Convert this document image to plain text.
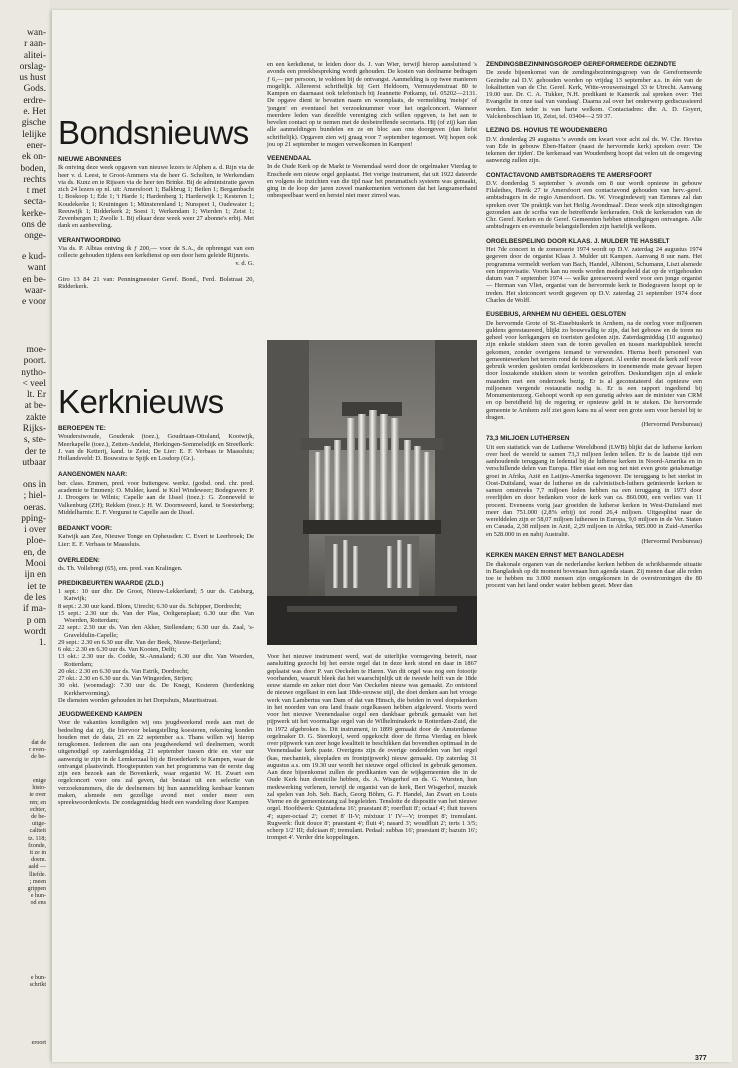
wan-
r aan-
alitei-
orslag-
us hust
Gods.
erdre-
e. Het
gische
lelijke
ener-
ek on-
boden,
rechts
t met
secta-
kerke-
ons de
onge-
e kud-
want
en be-
waar-
e voor
moe-
poort.
nytho-
< veel
lt. Er
at be-
zakte
Rijks-
s, ste-
der te
utbaar
ons in
; hiel-
oeras.
pping-
i over
ploe-
en, de
Mooi
ijn en
iet te
de les
if ma-
p om
wordt
1.
dat de
r even-
de be-
enige
histo-
te over
ren; en
echter,
de be-
uitge-
caliteit
tz. 118;
fzonde,
it ze in
doem.
aald —
lliefde.
; meen
grippen
e hun-
od ens
e bun-
schrikt
eroort
Bondsnieuws
NIEUWE ABONNEES

Ik ontving deze week opgaven van nieuwe lezers te Alphen a. d. Rijn via de heer v. d. Leest, te Groot-Ammers via de heer G. Scholten, te Werkendam via ds. Kunz en te Rijssen via de heer ten Brinke. Bij de administratie gaven zich 24 lezers op nl. uit: Amersfoort 1; Balkbrug 1; Beilen 1; Bergambacht 1; Boskoop 1; Ede 1; 't Harde 1; Hardenberg 1; Harderwijk 1; Kesteren 1; Koudekerke 1; Kruiningen 1; Münsterenland 1; Nunspeet 1, Oudewater 1; Reeuwijk 1; Ridderkerk 2; Soest 1; Werkendam 1; Wierden 1; Zeist 1; Zevenbergen 1; Zwolle 1. Bij elkaar deze week weer 27 abonne's erbij. Met dank en aanbeveling.

VERANTWOORDING

Via ds. P. Albias ontving ik ƒ 200,— voor de S.A., de opbrengst van een collecte gehouden tijdens een kerkdienst op een door hem geleide Rijnreis.

v. d. G.

Giro 13 84 21 van: Penningmeester Geref. Bond., Ferd. Bolstraat 20, Ridderkerk.

Kerknieuws
BEROEPEN TE:

Woudersiwoude, Gouderak (toez.), Goudriaan-Ottoland, Kootwijk, Meerkapelle (toez.), Zetten-Andelst, Herkingen-Sommelsdijk en Streefkerk: J. van de Ketterij, kand. te Zeist; De Lier: E. F. Verbaas te Maassluis; Hollandsveld: D. Bouwstra te Spijk en Losdorp (Gr.).

AANGENOMEN NAAR:

ber. class. Emmen, pred. voor buitengew. werkz. (godsd. ond. chr. pred. academie te Emmen): O. Mulder, kand. te Kiel Windeweer; Bodegraven: P. J. Droogers te Wilnis; Capelle aan de IJssel (toez.): G. Zonneveld te Valkenburg (ZH); Rekken (toez.): H. W. Doornweerd, kand. te Soesterberg; Middelharnis: E. F. Vergunst te Capelle aan de IJssel.

BEDANKT VOOR:

Katwijk aan Zee, Nieuwe Tonge en Opheusden: C. Evert te Leerbroek; De Lier: E. F. Verbaas te Maassluis.

OVERLEDEN:

ds. Th. Vollebregt (65), em. pred. van Kralingen.

PREDIKBEURTEN WAARDE (ZLD.)

1 sept.: 10 uur dhr. De Groot, Nieuw-Lekkerland; 5 uur ds. Catsburg, Katwijk;

8 sept.: 2.30 uur kand. Blom, Utrecht; 6.30 uur ds. Schipper, Dordrecht;

15 sept.: 2.30 uur ds. Van der Plas, Ooltgensplaat; 6.30 uur dhr. Van Woerden, Rotterdam;

22 sept.: 2.30 uur ds. Van den Akker, Stellendam; 6.30 uur ds. Zaal, 's-Graveldulin-Capelle;

29 sept.: 2.30 en 6.30 uur dhr. Van der Beek, Nieuw-Beijerland;

6 okt.: 2.30 en 6.30 uur ds. Van Kooten, Delft;

13 okt.: 2.30 uur ds. Codde, St.-Annaland; 6.30 uur dhr. Van Woerden, Rotterdam;

20 okt.: 2.30 en 6.30 uur ds. Van Estrik, Dordrecht;

27 okt.: 2.30 en 6.30 uur ds. Van Wingerden, Strijen;

30 okt. (woensdag): 7.30 uur ds. De Knegt, Kesteren (herdenking Kerkhervorming).

De diensten worden gehouden in het Dorpshuis, Mauritsstraat.

JEUGDWEEKEND KAMPEN

Voor de vakanties kondigden wij ons jeugdweekend reeds aan met de bedoeling dat zij, die hiervoor belangstelling koesteren, rekening konden houden met de data, 21 en 22 september a.s. Thans willen wij hierop terugkomen. Iedereen die aan ons jeugdweekend wil deelnemen, wordt uitgenodigd op zaterdagmiddag 21 september tussen drie en vier uur aanwezig te zijn in de Lemkerzaal bij de Broederkerk te Kampen, waar de ontvangst plaatsvindt. Hoogtepunten van het programma van de eerste dag zijn een bezoek aan de Bovenkerk, waar organist W. H. Zwart een orgelconcert voor ons zal geven, dat bestaat uit een selectie van verzoeknummers, die de deelnemers bij hun aanmelding kenbaar kunnen maken, alsmede een gezellige avond met onder meer een spreekwoordenkwis. De zondagmiddag biedt een wandeling door Kampen

en een kerkdienst, te leiden door ds. J. van Wier, terwijl hierop aansluitend 's avonds een preekbespreking wordt gehouden. De kosten van deelname bedragen ƒ 6,— per persoon, te voldoen bij de ontvangst. Aanmelding is op twee manieren mogelijk. Allereerst schriftelijk bij Gert Heldoorn, Vermuydenstraat 80 te Kampen en daarnaast ook telefonisch bij Jeannette Potkamp, tel. 05202—2131. De opgave dient te bevatten naam en woonplaats, de vermelding 'meisje' of 'jongen' en eventueel het verzoeknummer voor het orgelconcert. Wanneer meerdere leden van dezelfde vereniging zich willen opgeven, is het aan te bevelen contact op te nemen met de desbetreffende secretaris. Hij (of zij) kan dan alle aanmeldingen bundelen en ze en bloc aan ons doorgeven (dan liefst schriftelijk). Opgaven zien wij graag voor 7 september tegemoet. Wij hopen ook jou op 21 september te mogen verwelkomen in Kampen!

VEENENDAAL

In de Oude Kerk op de Markt te Veenendaal werd door de orgelmaker Vierdag te Enschede een nieuw orgel geplaatst. Het vorige instrument, dat uit 1922 dateerde en volgens de inzichten van die tijd naar het pneumatisch systeem was gemaakt, ging in de loop der jaren zoveel mankementen vertonen dat het langzamerhand onbespeelbaar werd en herstel niet meer zinvol was.

Voor het nieuwe instrument werd, wat de uiterlijke vormgeving betreft, naar aansluiting gezocht bij het eerste orgel dat in deze kerk stond en daar in 1867 geplaatst was door P. van Oeckelen te Haren. Van dit orgel was nog een fotootje voorhanden, waaruit bleek dat het waarschijnlijk uit de tweede helft van de 18de eeuw stamde en zeker niet door Van Oeckelen nieuw was gemaakt. Zo ontstond de nieuwe orgelkast in een laat 18de-eeuwse stijl, die doet denken aan het vroege werk van Lambertus van Dam of dat van Hinsch, die beiden in veel dorpskerken in het noorden van ons land fraaie orgelkassen hebben afgeleverd. Voorts werd voor het nieuwe Veenendaalse orgel een dankbaar gebruik gemaakt van het pijpwerk uit het voormalige orgel van de Wilhelminakerk te Rotterdam-Zuid, die in 1972 afgebroken is. Dit instrument, in 1899 gemaakt door de Amsterdamse orgelmaker D. G. Steenkuyl, werd opgekocht door de firma Vierdag en bleek over pijpwerk van zeer hoge kwaliteit te beschikken dat bovendien optimaal in de Veenendaalse kerk paste. Overigens zijn de overige onderdelen van het orgel (kas, mechaniek, sleepladen en frontpijpwerk) nieuw gemaakt. Op zaterdag 31 augustus a.s. om 19.30 uur wordt het nieuwe orgel officieel in gebruik genomen. Aan deze bijeenkomst zullen de predikanten van de wijkgemeenten die in de Oude Kerk hun domicilie hebben, ds. A. Wisgerhof en ds. G. Wursten, hun medewerking verlenen, terwijl de organist van de kerk, Bert Wisgerhof, muziek zal spelen van Joh. Seb. Bach, Georg Böhm, G. F. Handel, Jan Zwart en Louis Vierne en de gemeentezang zal begeleiden. Tenslotte de dispositie van het nieuwe orgel. Hoofdwerk: Quintadena 16'; praestant 8'; roerfluit 8'; octaaf 4'; fluit travers 4'; super-octaaf 2'; cornet 8' II-V; mixtuur 1' IV—V; trompet 8'; tremulant. Rugwerk: fluit douce 8'; praestant 4'; fluit 4'; nasard 3'; woudfluit 2'; terts 1 3/5; scherp 1/2' III; dulciaan 8'; tremulant. Pedaal: subbas 16'; praestant 8'; bazuin 16'; trompet 4'. Verder drie koppelingen.

ZENDINGSBEZINNINGSGROEP GEREFORMEERDE GEZINDTE

De zesde bijeenkomst van de zendingsbezinningsgroep van de Gereformeerde Gezindte zal D.V. gehouden worden op vrijdag 13 september a.s. in één van de lokaliteiten van de Chr. Geref. Kerk, Witte-vrouwensingel 33 te Utrecht. Aanvang 19.00 uur. Dr. C. A. Tukker, N.H. predikant te Kamerik zal spreken over: 'Het Evangelie in onze taal van vandaag'. Daarna zal over het onderwerp gediscussieerd worden. Een ieder is van harte welkom. Contactadres: dhr. A. D. Goyert, Valckenboschlaan 16, Zeist, tel. 03404—2 59 37.

LEZING DS. HOVIUS TE WOUDENBERG

D.V. donderdag 29 augustus 's avonds om kwart voor acht zal ds. W. Chr. Hovius van Ede in gebouw Eben-Haëzer (naast de hervormde kerk) spreken over: 'De tekenen der tijden'. De kerkeraad van Woudenberg hoopt dat velen uit de omgeving aanwezig zullen zijn.

CONTACTAVOND AMBTSDRAGERS TE AMERSFOORT

D.V. donderdag 5 september 's avonds om 8 uur wordt opnieuw in gebouw Filalethes, Havik 27 te Amersfoort een contactavond gehouden van herv.-geref. ambtsdragers in de regio Amersfoort. Ds. W. Vroegindeweij van Eemnes zal dan spreken over 'De praktijk van het Heilig Avondmaal'. Deze week zijn uitnodigingen gezonden aan de scriba van de betreffende kerkeraden. Ook de kerkeraden van de Chr. Geref. Kerken en de Geref. Gemeenten hebben uitnodigingen ontvangen. Alle ambtsdragers en eventuele belangstellenden zijn hartelijk welkom.

ORGELBESPELING DOOR KLAAS. J. MULDER TE HASSELT

Het 7de concert in de zomerserie 1974 wordt op D.V. zaterdag 24 augustus 1974 gegeven door de organist Klaas J. Mulder uit Kampen. Aanvang 8 uur nam. Het programma vermeldt werken van Bach, Handel, Albinoni, Schumann, Liszt alsmede een improvisatie. Voorts kan nu reeds worden medegedeeld dat op de vrijgehouden datum van 7 september 1974 — welke gereserveerd werd voor een jonge organist — Herman van Vliet, organist van de hervormde kerk te Bodegraven hoopt op te treden. Het slotconcert wordt gegeven op D.V. zaterdag 21 september 1974 door Charles de Wolff.

EUSEBIUS, ARNHEM NU GEHEEL GESLOTEN

De hervormde Grote of St.-Eusebiuskerk in Arnhem, na de oorlog voor miljoenen guldens gerestaureerd, blijkt zo bouwvallig te zijn, dat het gebouw en de toren nu geheel voor kerkgangers en toeristen gesloten zijn. Zaterdagmiddag (10 augustus) zijn enkele stukken steen van de toren gevallen en tussen marktpubliek terecht gekomen, zonder overigens iemand te verwonden. Hierna heeft personeel van gemeentewerken het terrein rond de toren afgezet. Al eerder moest de kerk zelf voor gebruik worden gesloten omdat kerkbezoekers in toenemende mate gevaar liepen door loszakende stukken steen te worden getroffen. Deskundigen zijn al enkele maanden met een onderzoek bezig. Er is al geconstateerd dat opnieuw een miljoenen vergende restauratie nodig is. Er is een rapport ingediend bij Monumentenzorg. Gehoopt wordt op een gunstig advies aan de minister van CRM en op bereidheid bij de regering er opnieuw geld in te steken. De hervormde gemeente te Arnhem zelf ziet geen kans nu al weer een grote som voor herstel bij te dragen.

(Hervormd Persbureau)

73,3 MILJOEN LUTHERSEN

Uit een statistick van de Lutherse Wereldbond (LWB) blijkt dat de lutherse kerken over heel de wereld te samen 73,3 miljoen leden tellen. Er is de laatste tijd een aanhoudende teruggang in ledental bij de lutherse kerken in Noord-Amerika en in verschillende delen van Europa. Hier staat een nog net niet even grote getalsmatige groei in Afrika, Azië en Latijns-Amerika tegenover. De teruggang is het sterkst in Oost-Duitsland, waar de lutherse en de calvinistisch-luthers geünieerde kerken te samen omstreeks 7,7 miljoen leden hebben na een teruggang in 1973 door overlijden en door bedanken voor de kerk van ca. 860.000, een verlies van 11 procent. Eveneens vorig jaar groeiden de lutherse kerken in West-Duitsland met meer dan 751.000 (2,8% erbij) tot rond 26,4 miljoen. Uitgesplitst naar de werelddelen zijn er 58,07 miljoen luthersen in Europa, 9,0 miljoen in de Ver. Staten en Canada, 2,38 miljoen in Azië, 2,29 miljoen in Afrika, 985.000 in Zuid-Amerika en 528.000 in en nabij Australië.

(Hervormd Persbureau)

KERKEN MAKEN ERNST MET BANGLADESH

De diakonale organen van de nederlandse kerken hebben de schrikbarende situatie in Bangladesh op dit moment bovenaan hun agenda staan. Zij menen daar alle reden toe te hebben nu 3.000 mensen zijn omgekomen in de overstromingen die 80 procent van het land onder water hebben gezet. Meer dan

377
